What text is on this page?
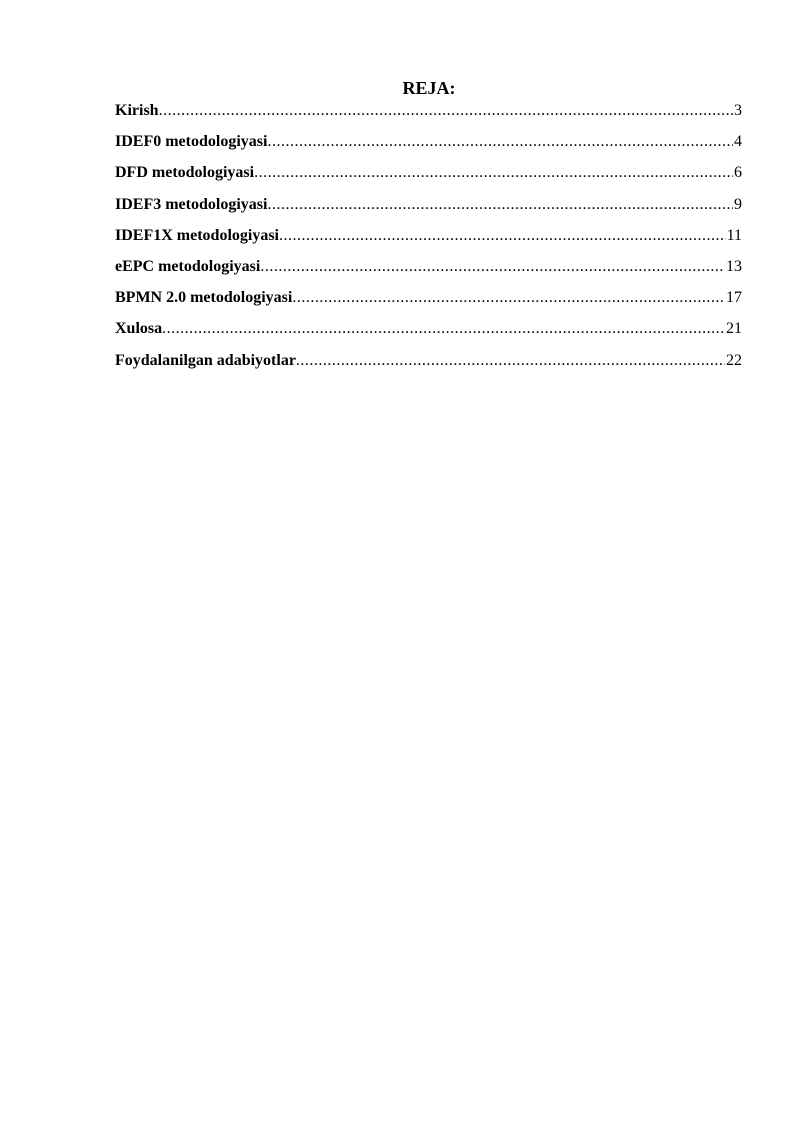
REJA:
Kirish .....	3
IDEF0 metodologiyasi .....	4
DFD metodologiyasi .....	6
IDEF3 metodologiyasi .....	9
IDEF1X metodologiyasi .....	11
eEPC metodologiyasi .....	13
BPMN 2.0 metodologiyasi .....	17
Xulosa .....	21
Foydalanilgan adabiyotlar .....	22
